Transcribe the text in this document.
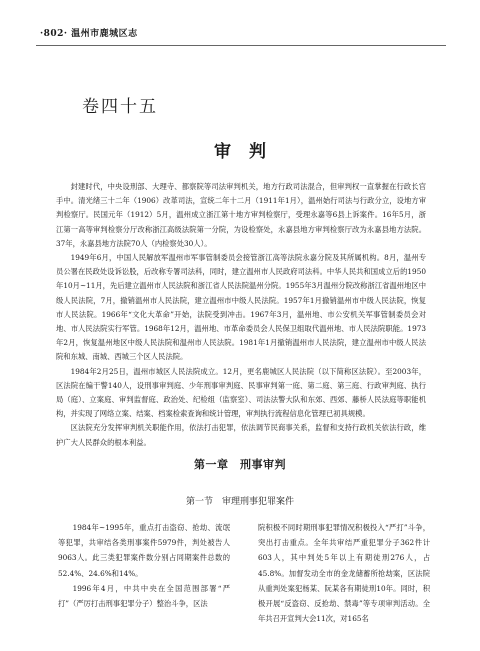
·802· 温州市鹿城区志
卷四十五
审判

封建时代，中央设刑部、大理寺、都察院等司法审判机关，地方行政司法混合，但审判权一直掌握在行政长官手中。清光绪三十二年（1906）改革司法，宣统二年十二月（1911年1月），温州始行司法与行政分立，设地方审判检察厅。民国元年（1912）5月，温州成立浙江第十地方审判检察厅，受理永嘉等6县上诉案件。16年5月，浙江第一高等审判检察分厅改称浙江高级法院第一分院，为设检察处，永嘉县地方审判检察厅改为永嘉县地方法院。37年，永嘉县地方法院70人（内检察处30人）。

1949年6月，中国人民解放军温州市军事管制委员会接管浙江高等法院永嘉分院及其所属机构。8月，温州专员公署在民政处设诉讼股，后改称专署司法科，同时，建立温州市人民政府司法科。中华人民共和国成立后的1950年10月~11月，先后建立温州市人民法院和浙江省人民法院温州分院。1955年3月温州分院改称浙江省温州地区中级人民法院，7月，撤销温州市人民法院，建立温州市中级人民法院。1957年1月撤销温州市中级人民法院，恢复市人民法院。1966年“文化大革命”开始，法院受到冲击。1967年3月，温州地、市公安机关军事管制委员会对地、市人民法院实行军管。1968年12月，温州地、市革命委员会人民保卫组取代温州地、市人民法院职能。1973年2月，恢复温州地区中级人民法院和温州市人民法院。1981年1月撤销温州市人民法院，建立温州市中级人民法院和东城、南城、西城三个区人民法院。

1984年2月25日，温州市城区人民法院成立。12月，更名鹿城区人民法院（以下简称区法院）。至2003年，区法院在编干警140人，设刑事审判庭、少年刑事审判庭、民事审判第一庭、第二庭、第三庭、行政审判庭、执行局（庭）、立案庭、审判监督庭、政治处、纪检组（监察室）、司法法警大队和东郊、西郊、藤桥人民法庭等职能机构，并实现了网络立案、结案、档案检索查询和统计管理，审判执行流程信息化管理已初具规模。

区法院充分发挥审判机关职能作用，依法打击犯罪，依法调节民商事关系，监督和支持行政机关依法行政，维护广大人民群众的根本利益。

第一章　刑事审判
第一节　审理刑事犯罪案件

1984年~1995年，重点打击盗窃、抢劫、流氓等犯罪，共审结各类刑事案件5979件，判处被告人9063人。此三类犯罪案件数分别占同期案件总数的52.4%、24.6%和14%。

1996年4月，中共中央在全国范围部署“严打”（严厉打击刑事犯罪分子）整治斗争，区法

院积极不同时期刑事犯罪情况积极投入“严打”斗争，突出打击重点。全年共审结严重犯罪分子362件计603人，其中判处5年以上有期徒刑276人，占45.8%。加督发动全市的金龙储蓄所抢劫案，区法院从重判处案犯杨某、阮某各有期徒刑10年。同时，积极开展“反盗窃、反抢劫、禁毒”等专项审判活动。全年共召开宣判大会11次，对165名
